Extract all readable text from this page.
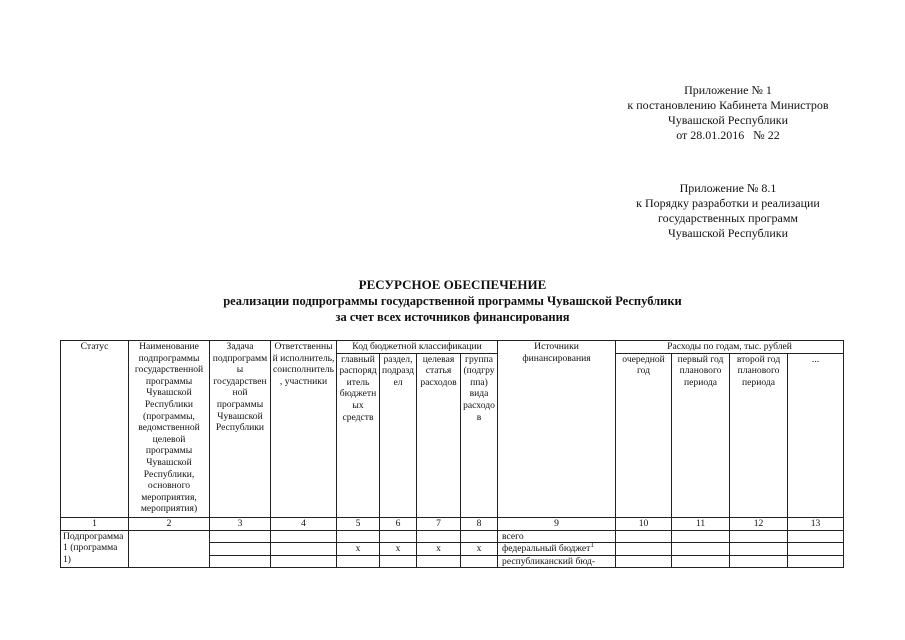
Приложение № 1
к постановлению Кабинета Министров
Чувашской Республики
от 28.01.2016   № 22
Приложение № 8.1
к Порядку разработки и реализации
государственных программ
Чувашской Республики
РЕСУРСНОЕ ОБЕСПЕЧЕНИЕ
реализации подпрограммы государственной программы Чувашской Республики
за счет всех источников финансирования
Статус	Наименование подпрограммы государственной программы Чувашской Республики (программы, ведомственной целевой программы Чувашской Республики, основного мероприятия, мероприятия)	Задача подпрограммы государственной программы Чувашской Республики	Ответственный исполнитель, соисполнитель, участники	Код бюджетной классификации				Источники финансирования	Расходы по годам, тыс. рублей			
				главный распорядитель бюджетных средств	раздел, подраздел	целевая статья расходов	группа (подгруппа) вида расходов		очередной год	первый год планового периода	второй год планового периода	...
1	2	3	4	5	6	7	8	9	10	11	12	13
Подпрограмма 1 (программа 1)								всего				
				x	x	x	x	федеральный бюджет$^1$				
								республиканский бюд-				
